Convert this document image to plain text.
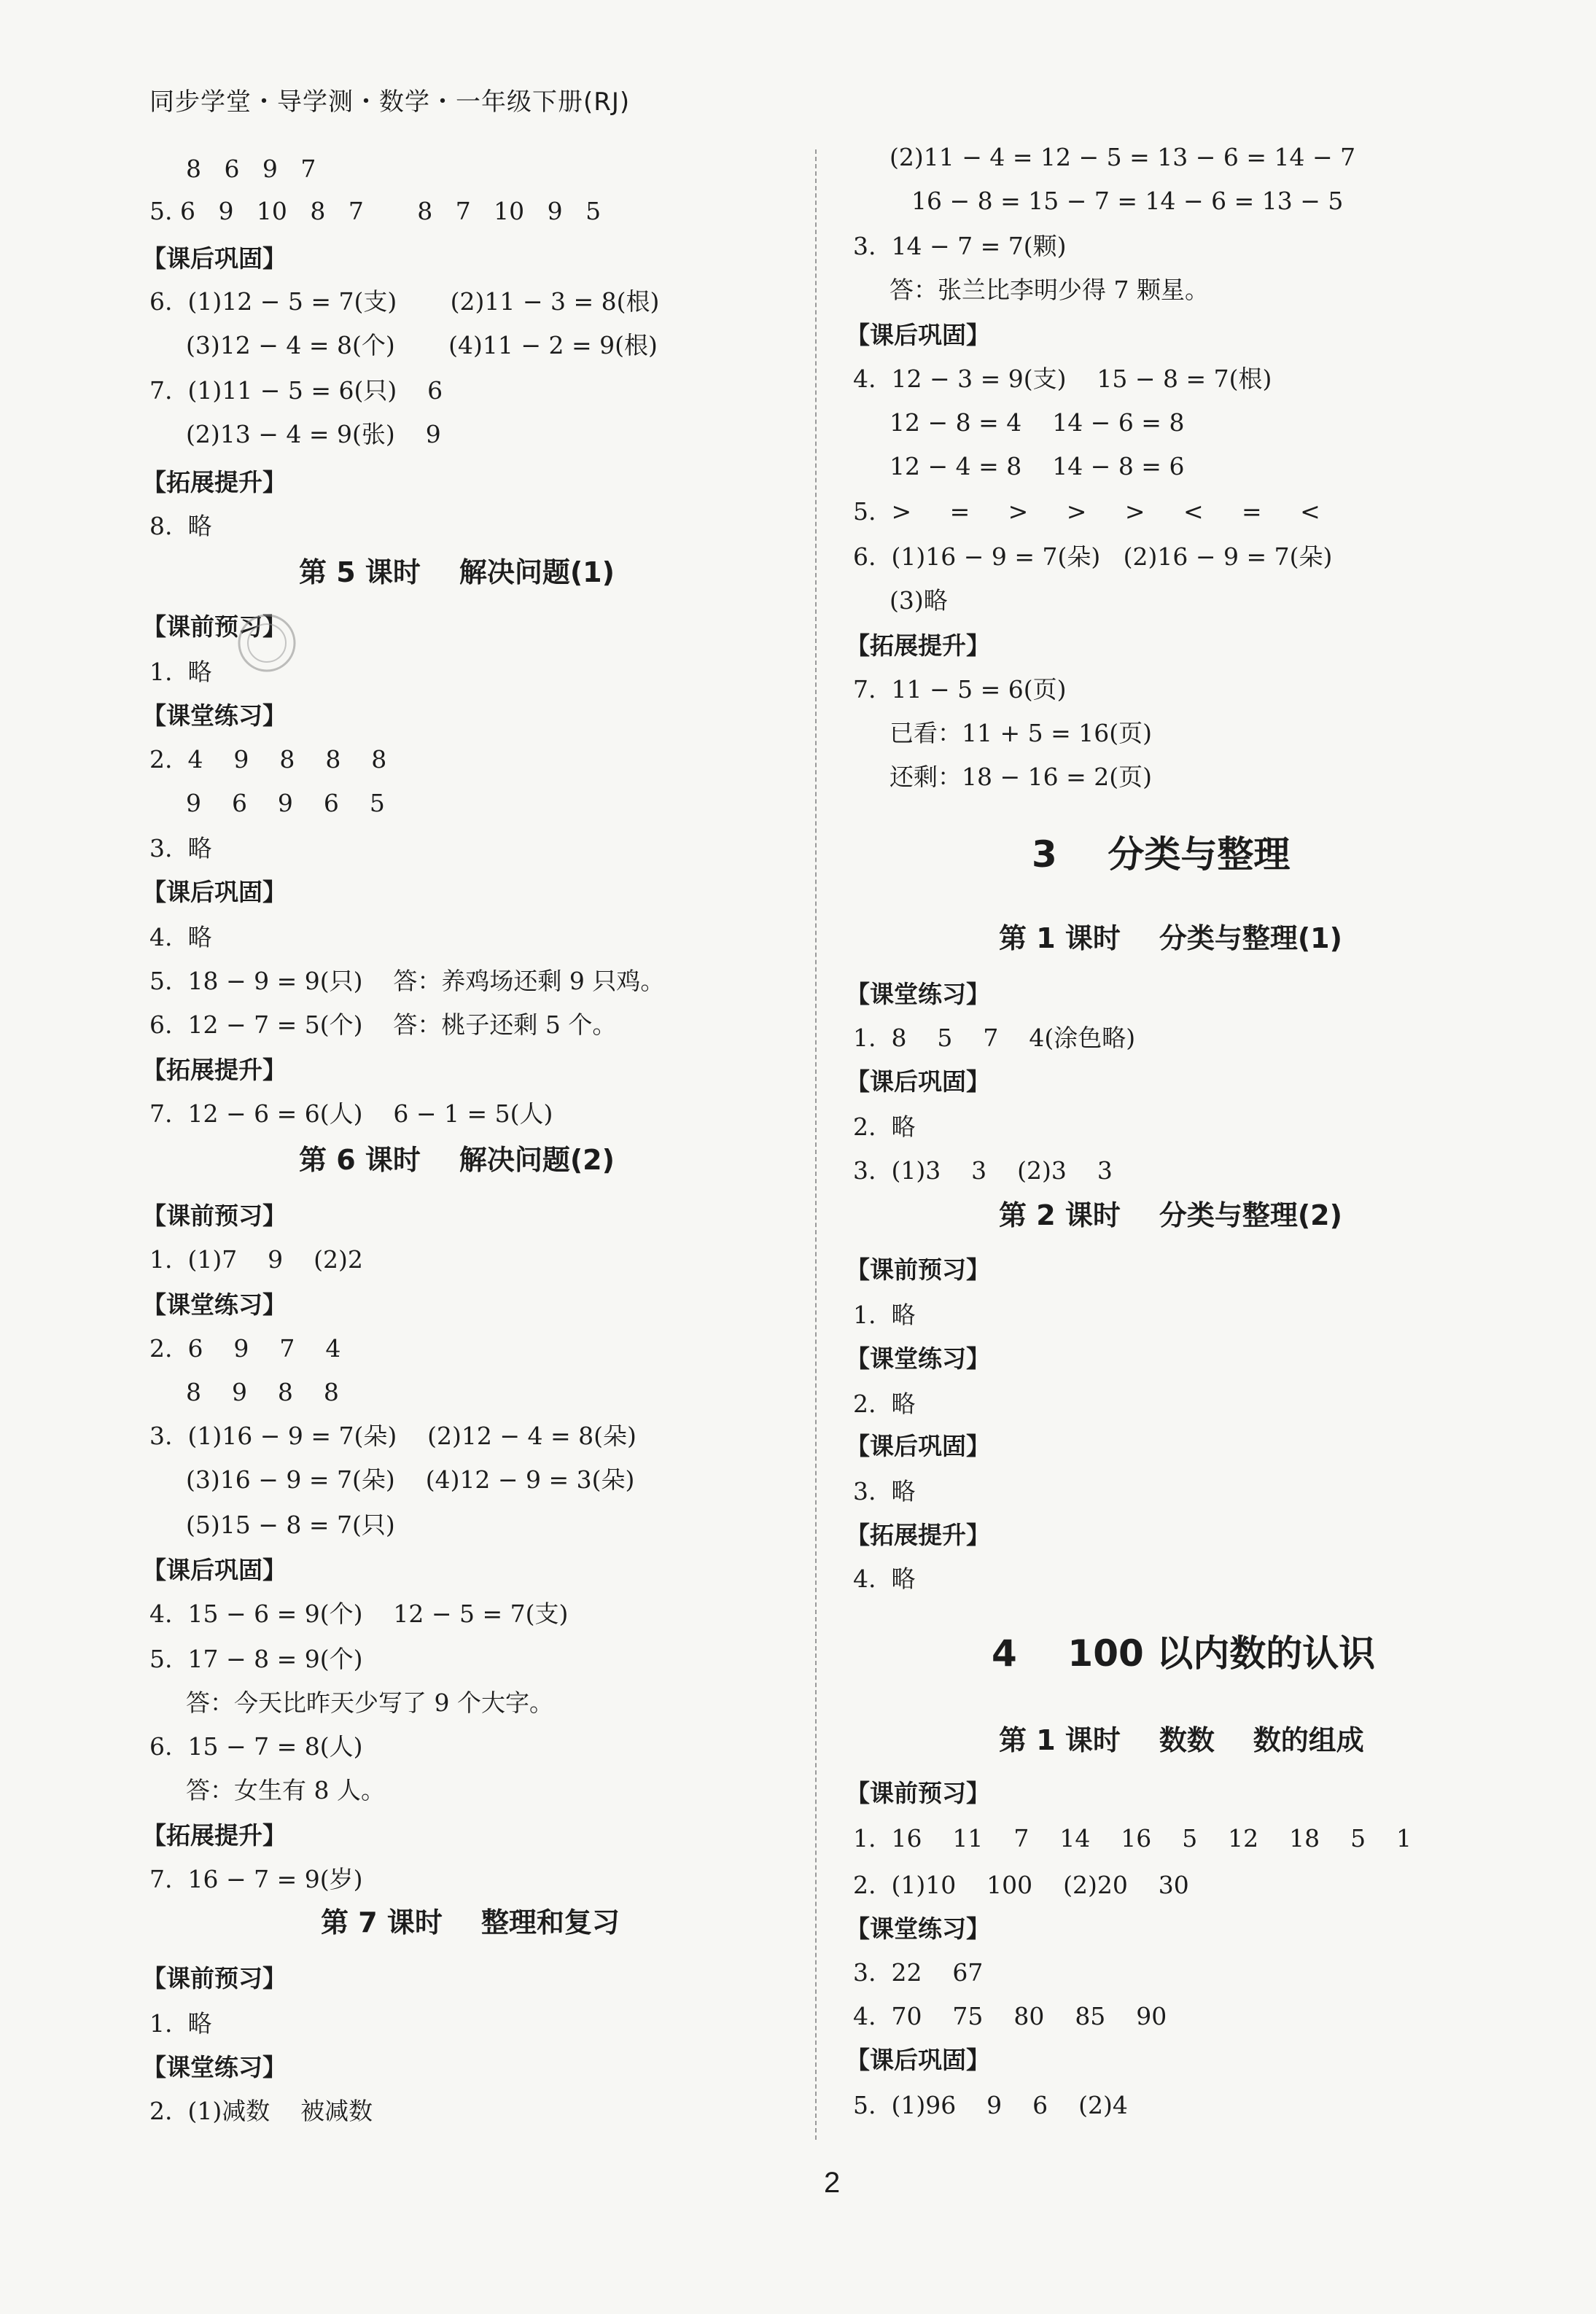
同步学堂・导学测・数学・一年级下册(RJ)
8   6   9   7
5. 6   9   10   8   7       8   7   10   9   5
【课后巩固】
6.  (1)12 − 5 = 7(支)       (2)11 − 3 = 8(根)
(3)12 − 4 = 8(个)       (4)11 − 2 = 9(根)
7.  (1)11 − 5 = 6(只)    6
(2)13 − 4 = 9(张)    9
【拓展提升】
8.  略
第 5 课时    解决问题(1)
【课前预习】
1.  略
【课堂练习】
2.  4    9    8    8    8
9    6    9    6    5
3.  略
【课后巩固】
4.  略
5.  18 − 9 = 9(只)    答：养鸡场还剩 9 只鸡。
6.  12 − 7 = 5(个)    答：桃子还剩 5 个。
【拓展提升】
7.  12 − 6 = 6(人)    6 − 1 = 5(人)
第 6 课时    解决问题(2)
【课前预习】
1.  (1)7    9    (2)2
【课堂练习】
2.  6    9    7    4
8    9    8    8
3.  (1)16 − 9 = 7(朵)    (2)12 − 4 = 8(朵)
(3)16 − 9 = 7(朵)    (4)12 − 9 = 3(朵)
(5)15 − 8 = 7(只)
【课后巩固】
4.  15 − 6 = 9(个)    12 − 5 = 7(支)
5.  17 − 8 = 9(个)
答：今天比昨天少写了 9 个大字。
6.  15 − 7 = 8(人)
答：女生有 8 人。
【拓展提升】
7.  16 − 7 = 9(岁)
第 7 课时    整理和复习
【课前预习】
1.  略
【课堂练习】
2.  (1)减数    被减数
(2)11 − 4 = 12 − 5 = 13 − 6 = 14 − 7
16 − 8 = 15 − 7 = 14 − 6 = 13 − 5
3.  14 − 7 = 7(颗)
答：张兰比李明少得 7 颗星。
【课后巩固】
4.  12 − 3 = 9(支)    15 − 8 = 7(根)
12 − 8 = 4    14 − 6 = 8
12 − 4 = 8    14 − 8 = 6
5.  >     =     >     >     >     <     =     <
6.  (1)16 − 9 = 7(朵)   (2)16 − 9 = 7(朵)
(3)略
【拓展提升】
7.  11 − 5 = 6(页)
已看：11 + 5 = 16(页)
还剩：18 − 16 = 2(页)
3    分类与整理
第 1 课时    分类与整理(1)
【课堂练习】
1.  8    5    7    4(涂色略)
【课后巩固】
2.  略
3.  (1)3    3    (2)3    3
第 2 课时    分类与整理(2)
【课前预习】
1.  略
【课堂练习】
2.  略
【课后巩固】
3.  略
【拓展提升】
4.  略
4    100 以内数的认识
第 1 课时    数数    数的组成
【课前预习】
1.  16    11    7    14    16    5    12    18    5    1
2.  (1)10    100    (2)20    30
【课堂练习】
3.  22    67
4.  70    75    80    85    90
【课后巩固】
5.  (1)96    9    6    (2)4
2
